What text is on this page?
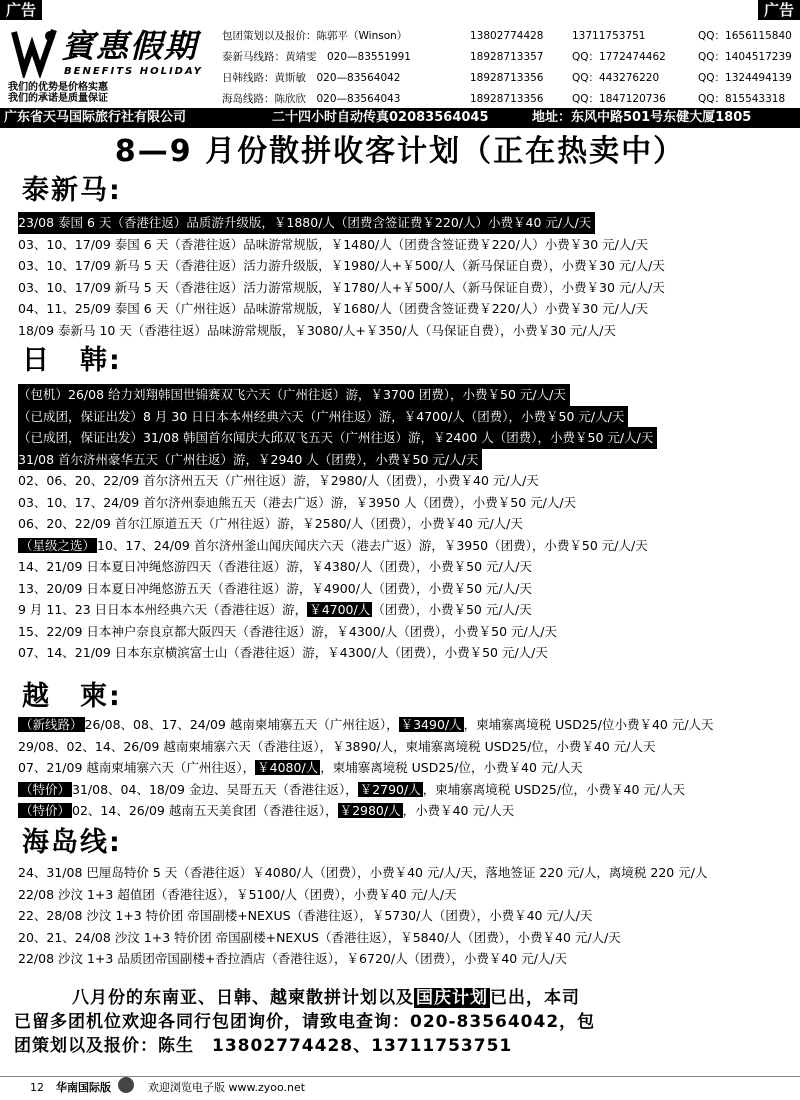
广告	广告
賓惠假期
BENEFITS HOLIDAY
我们的优势是价格实惠
我们的承诺是质量保证
包团策划以及报价：陈郭平（Winson）	13802774428	13711753751	QQ：1656115840
泰新马线路：黄靖雯　020—83551991	18928713357	QQ：1772474462	QQ：1404517239
日韩线路：黄斯敏　020—83564042	18928713356	QQ：443276220	QQ：1324494139
海岛线路：陈欣欣　020—83564043	18928713356	QQ：1847120736	QQ：815543318
广东省天马国际旅行社有限公司	二十四小时自动传真02083564045	地址：东风中路501号东健大厦1805
8—9 月份散拼收客计划（正在热卖中）
泰新马:
23/08 泰国 6 天（香港往返）品质游升级版，￥1880/人（团费含签证费￥220/人）小费￥40 元/人/天
03、10、17/09 泰国 6 天（香港往返）品味游常规版，￥1480/人（团费含签证费￥220/人）小费￥30 元/人/天
03、10、17/09 新马 5 天（香港往返）活力游升级版，￥1980/人+￥500/人（新马保证自费），小费￥30 元/人/天
03、10、17/09 新马 5 天（香港往返）活力游常规版，￥1780/人+￥500/人（新马保证自费），小费￥30 元/人/天
04、11、25/09 泰国 6 天（广州往返）品味游常规版，￥1680/人（团费含签证费￥220/人）小费￥30 元/人/天
18/09 泰新马 10 天（香港往返）品味游常规版，￥3080/人+￥350/人（马保证自费），小费￥30 元/人/天
日　韩:
（包机）26/08 给力刘翔韩国世锦赛双飞六天（广州往返）游，￥3700 团费），小费￥50 元/人/天
（已成团，保证出发）8 月 30 日日本本州经典六天（广州往返）游，￥4700/人（团费），小费￥50 元/人/天
（已成团，保证出发）31/08 韩国首尔闻庆大邱双飞五天（广州往返）游，￥2400 人（团费），小费￥50 元/人/天
31/08 首尔济州豪华五天（广州往返）游，￥2940 人（团费），小费￥50 元/人/天
02、06、20、22/09 首尔济州五天（广州往返）游，￥2980/人（团费），小费￥40 元/人/天
03、10、17、24/09 首尔济州泰迪熊五天（港去广返）游，￥3950 人（团费），小费￥50 元/人/天
06、20、22/09 首尔江原道五天（广州往返）游，￥2580/人（团费），小费￥40 元/人/天
（星级之选） 10、17、24/09 首尔济州釜山闻庆闻庆六天（港去广返）游，￥3950（团费），小费￥50 元/人/天
14、21/09 日本夏日冲绳悠游四天（香港往返）游，￥4380/人（团费），小费￥50 元/人/天
13、20/09 日本夏日冲绳悠游五天（香港往返）游，￥4900/人（团费），小费￥50 元/人/天
9 月 11、23 日日本本州经典六天（香港往返）游， ￥4700/人 （团费），小费￥50 元/人/天
15、22/09 日本神户奈良京都大阪四天（香港往返）游，￥4300/人（团费），小费￥50 元/人/天
07、14、21/09 日本东京横滨富士山（香港往返）游，￥4300/人（团费），小费￥50 元/人/天
越　柬:
（新线路） 26/08、08、17、24/09 越南柬埔寨五天（广州往返）， ￥3490/人 ，柬埔寨离境税 USD25/位小费￥40 元/人天
29/08、02、14、26/09 越南柬埔寨六天（香港往返），￥3890/人，柬埔寨离境税 USD25/位，小费￥40 元/人天
07、21/09 越南柬埔寨六天（广州往返）， ￥4080/人 ，柬埔寨离境税 USD25/位，小费￥40 元/人天
（特价） 31/08、04、18/09 金边、吴哥五天（香港往返）， ￥2790/人 ，柬埔寨离境税 USD25/位，小费￥40 元/人天
（特价） 02、14、26/09 越南五天美食团（香港往返）， ￥2980/人 ，小费￥40 元/人天
海岛线:
24、31/08 巴厘岛特价 5 天（香港往返）￥4080/人（团费），小费￥40 元/人/天，落地签证 220 元/人，离境税 220 元/人
22/08 沙汶 1+3 超值团（香港往返），￥5100/人（团费），小费￥40 元/人/天
22、28/08 沙汶 1+3 特价团 帝国副楼+NEXUS（香港往返），￥5730/人（团费），小费￥40 元/人/天
20、21、24/08 沙汶 1+3 特价团 帝国副楼+NEXUS（香港往返），￥5840/人（团费），小费￥40 元/人/天
22/08 沙汶 1+3 品质团帝国副楼+香拉酒店（香港往返），￥6720/人（团费），小费￥40 元/人/天
八月份的东南亚、日韩、越柬散拼计划以及 国庆计划 已出，本司
已留多团机位欢迎各同行包团询价，请致电查询：020-83564042，包
团策划以及报价：陈生　13802774428、13711753751
12 华南国际版	欢迎浏览电子版 www.zyoo.net
